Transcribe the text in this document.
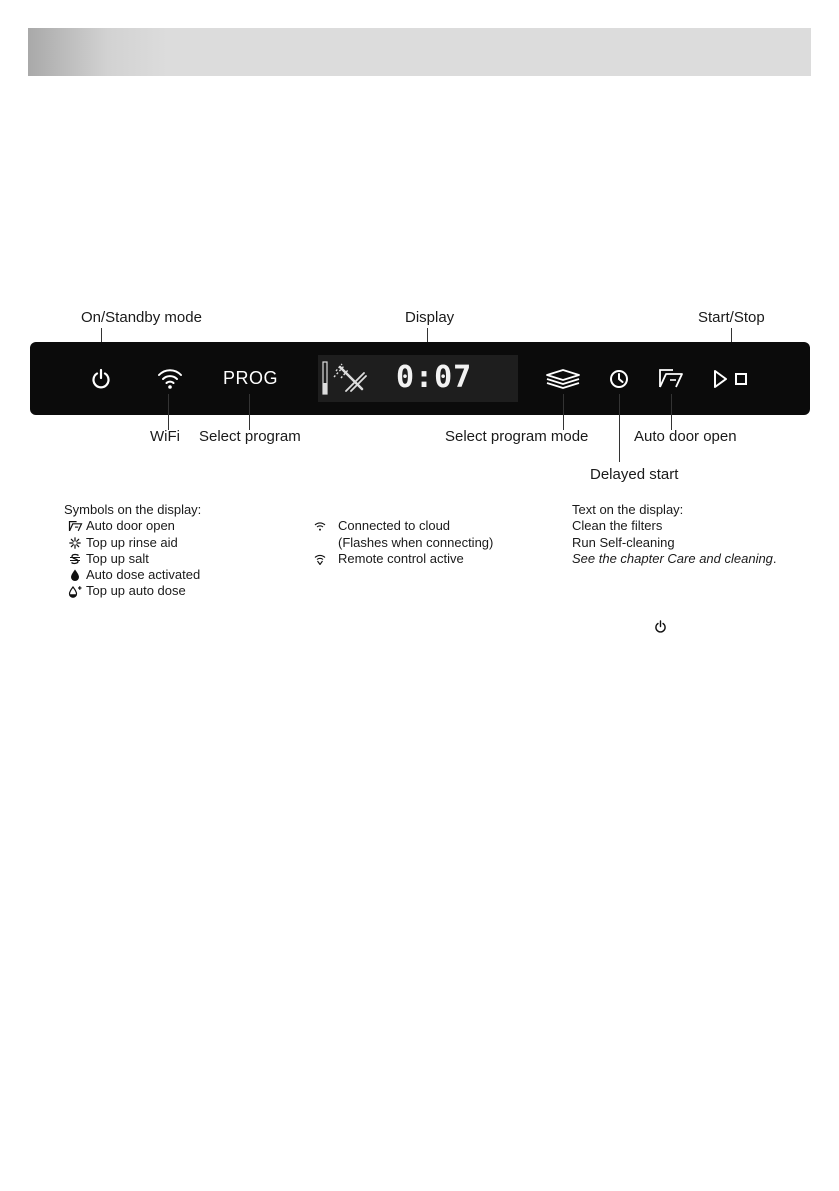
On/Standby mode	Display	Start/Stop
PROG	0:07
WiFi Select program	Select program mode	Auto door open
Delayed start
Symbols on the display:
Auto door open
Top up rinse aid
Top up salt
Auto dose activated
Top up auto dose
Connected to cloud
(Flashes when connecting)
Remote control active
Text on the display:
Clean the filters
Run Self-cleaning
See the chapter Care and cleaning .
